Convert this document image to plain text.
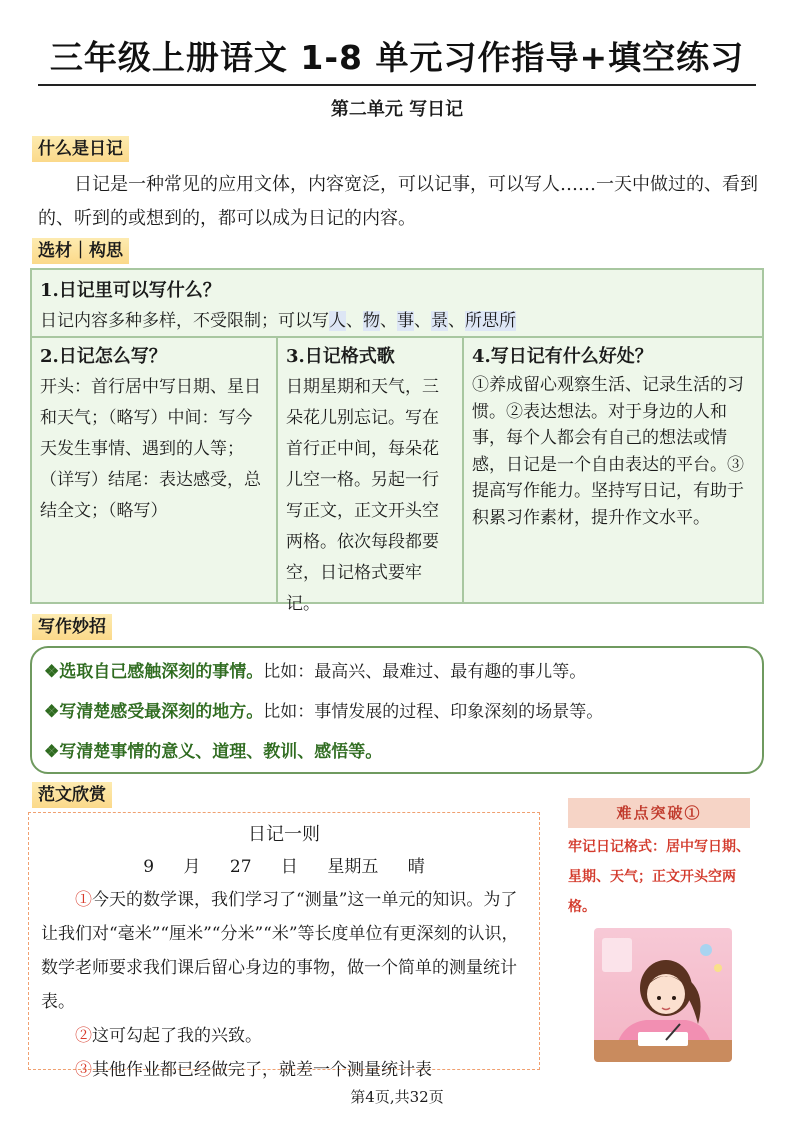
三年级上册语文 1-8 单元习作指导+填空练习
第二单元 写日记
什么是日记
日记是一种常见的应用文体，内容宽泛，可以记事，可以写人……一天中做过的、看到的、听到的或想到的，都可以成为日记的内容。
选材｜构思
1.日记里可以写什么？
日记内容多种多样，不受限制；可以写人、物、事、景、所思所
2.日记怎么写？
开头：首行居中写日期、星日和天气；（略写）中间：写今天发生事情、遇到的人等；（详写）结尾：表达感受，总结全文；（略写）
3.日记格式歌
日期星期和天气，三朵花儿别忘记。写在首行正中间，每朵花儿空一格。另起一行写正文，正文开头空两格。依次每段都要空，日记格式要牢记。
4.写日记有什么好处？
①养成留心观察生活、记录生活的习惯。②表达想法。对于身边的人和事，每个人都会有自己的想法或情感，日记是一个自由表达的平台。③提高写作能力。坚持写日记，有助于积累习作素材，提升作文水平。
写作妙招
❖选取自己感触深刻的事情。比如：最高兴、最难过、最有趣的事儿等。
❖写清楚感受最深刻的地方。比如：事情发展的过程、印象深刻的场景等。
❖写清楚事情的意义、道理、教训、感悟等。
范文欣赏
日记一则
9 月 27 日 星期五 晴
①今天的数学课，我们学习了“测量”这一单元的知识。为了让我们对“毫米”“厘米”“分米”“米”等长度单位有更深刻的认识，数学老师要求我们课后留心身边的事物，做一个简单的测量统计表。
②这可勾起了我的兴致。
③其他作业都已经做完了，就差一个测量统计表
难点突破①
牢记日记格式：居中写日期、星期、天气；正文开头空两格。
第4页,共32页
